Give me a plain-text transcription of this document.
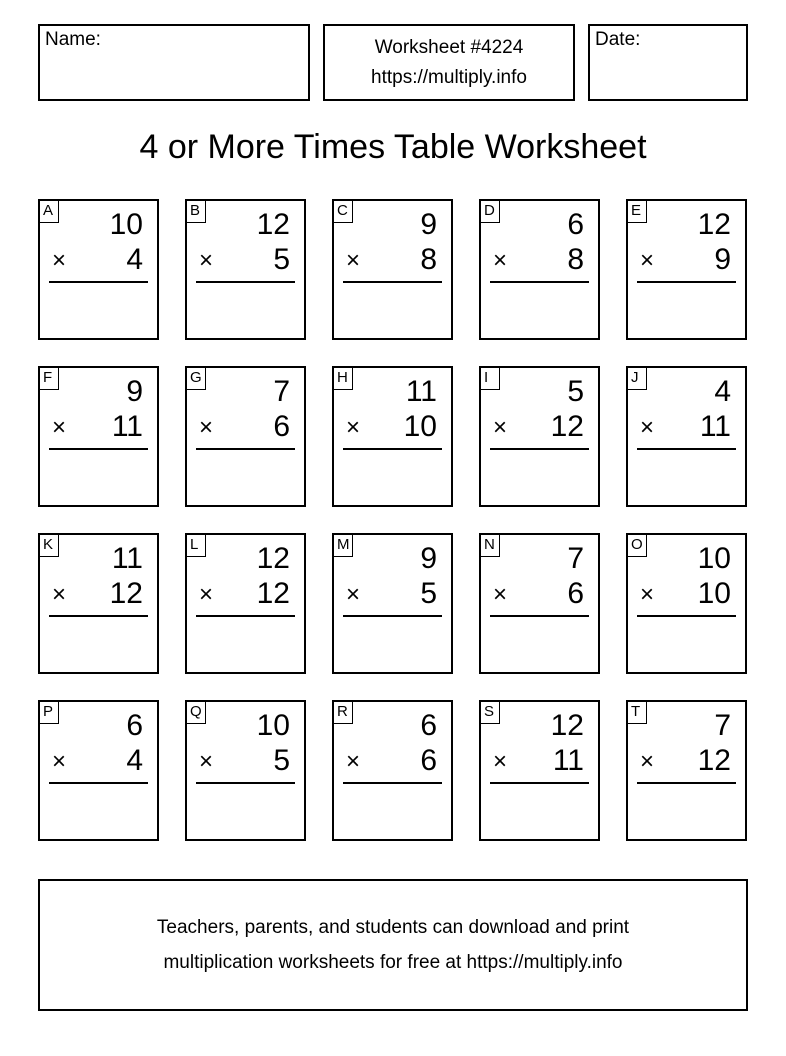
Name:	Worksheet #4224
https://multiply.info
Date:
4 or More Times Table Worksheet
A 10
× 4
B 12
× 5
C 9
× 8
D 6
× 8
E 12
× 9
F 9
× 11
G 7
× 6
H 11
× 10
I	5
× 12
J	4
× 11
K 11
× 12
L 12
× 12
M 9
× 5
N 7
× 6
O 10
× 10
P 6
× 4
Q 10
× 5
R 6
× 6
S 12
× 11
T 7
× 12
Teachers, parents, and students can download and print
multiplication worksheets for free at https://multiply.info
